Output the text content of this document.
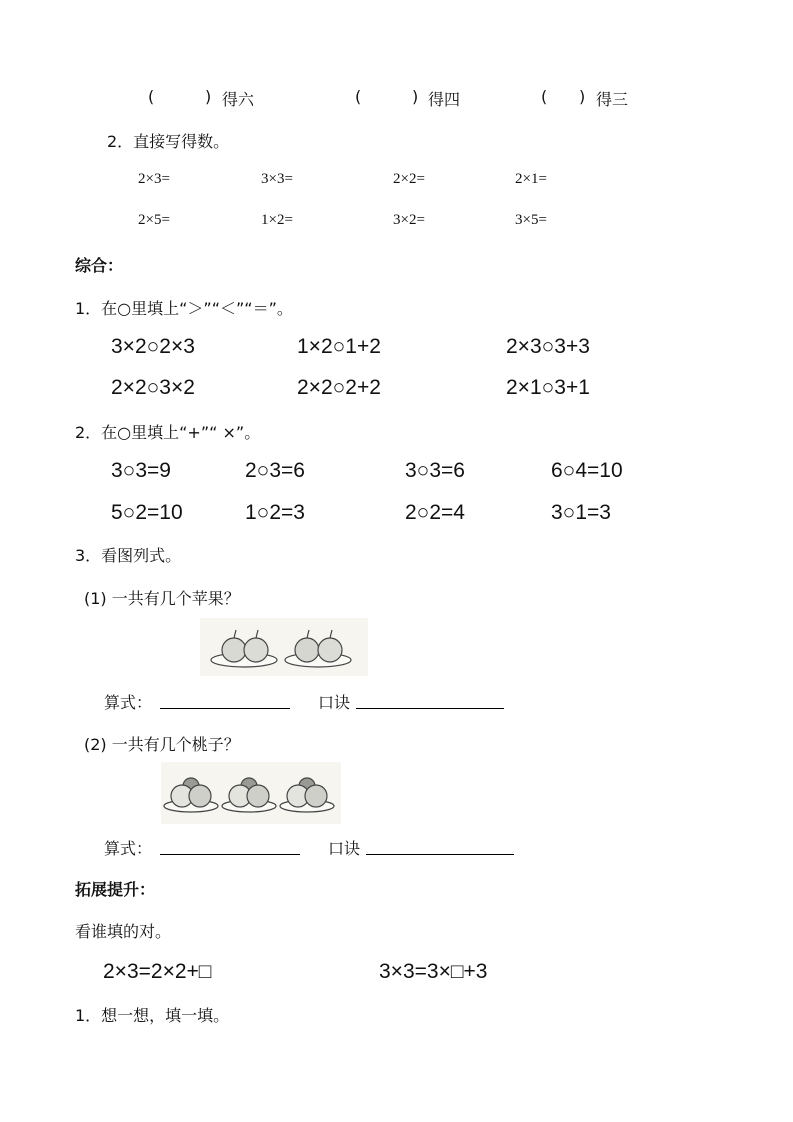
(	) 得六	(	) 得四	( ) 得三
2．直接写得数。
2×3=	3×3=	2×2=	2×1=
2×5=	1×2=	3×2=	3×5=
综合：
1．在○里填上“＞”“＜”“＝”。
3×2○2×3	1×2○1+2	2×3○3+3
2×2○3×2	2×2○2+2	2×1○3+1
2．在○里填上“+”“ ×”。
3○3=9	2○3=6	3○3=6	6○4=10
5○2=10	1○2=3	2○2=4	3○1=3
3．看图列式。
(1) 一共有几个苹果？
算式：	口诀
(2) 一共有几个桃子？
算式：	口诀
拓展提升：
看谁填的对。
2×3=2×2+□	3×3=3×□+3
1．想一想，填一填。
